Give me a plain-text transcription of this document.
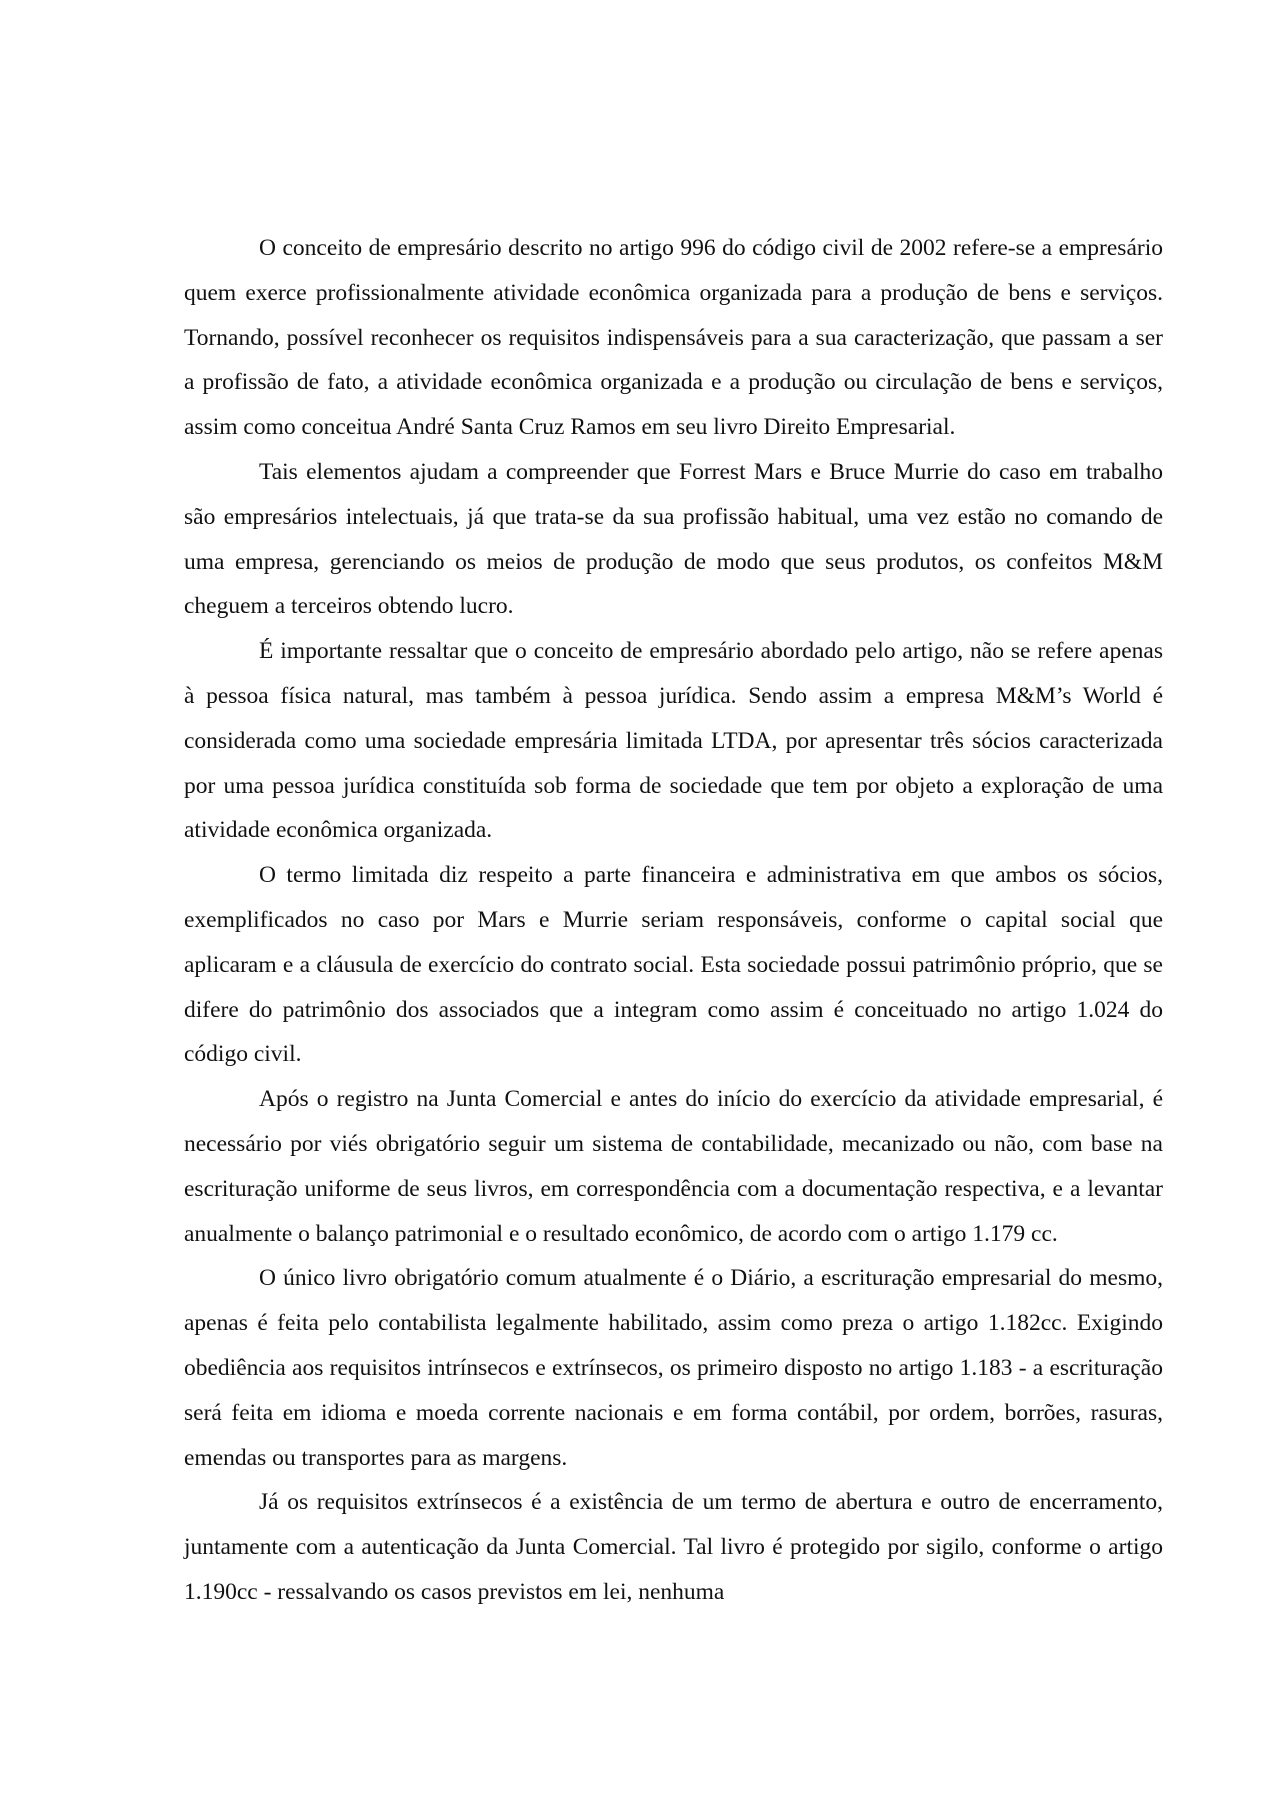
O conceito de empresário descrito no artigo 996 do código civil de 2002 refere-se a empresário quem exerce profissionalmente atividade econômica organizada para a produção de bens e serviços. Tornando, possível reconhecer os requisitos indispensáveis para a sua caracterização, que passam a ser a profissão de fato, a atividade econômica organizada e a produção ou circulação de bens e serviços, assim como conceitua André Santa Cruz Ramos em seu livro Direito Empresarial.

Tais elementos ajudam a compreender que Forrest Mars e Bruce Murrie do caso em trabalho são empresários intelectuais, já que trata-se da sua profissão habitual, uma vez estão no comando de uma empresa, gerenciando os meios de produção de modo que seus produtos, os confeitos M&M cheguem a terceiros obtendo lucro.

É importante ressaltar que o conceito de empresário abordado pelo artigo, não se refere apenas à pessoa física natural, mas também à pessoa jurídica. Sendo assim a empresa M&M’s World é considerada como uma sociedade empresária limitada LTDA, por apresentar três sócios caracterizada por uma pessoa jurídica constituída sob forma de sociedade que tem por objeto a exploração de uma atividade econômica organizada.

O termo limitada diz respeito a parte financeira e administrativa em que ambos os sócios, exemplificados no caso por Mars e Murrie seriam responsáveis, conforme o capital social que aplicaram e a cláusula de exercício do contrato social. Esta sociedade possui patrimônio próprio, que se difere do patrimônio dos associados que a integram como assim é conceituado no artigo 1.024 do código civil.

Após o registro na Junta Comercial e antes do início do exercício da atividade empresarial, é necessário por viés obrigatório seguir um sistema de contabilidade, mecanizado ou não, com base na escrituração uniforme de seus livros, em correspondência com a documentação respectiva, e a levantar anualmente o balanço patrimonial e o resultado econômico, de acordo com o artigo 1.179 cc.

O único livro obrigatório comum atualmente é o Diário, a escrituração empresarial do mesmo, apenas é feita pelo contabilista legalmente habilitado, assim como preza o artigo 1.182cc. Exigindo obediência aos requisitos intrínsecos e extrínsecos, os primeiro disposto no artigo 1.183 - a escrituração será feita em idioma e moeda corrente nacionais e em forma contábil, por ordem, borrões, rasuras, emendas ou transportes para as margens.

Já os requisitos extrínsecos é a existência de um termo de abertura e outro de encerramento, juntamente com a autenticação da Junta Comercial. Tal livro é protegido por sigilo, conforme o artigo 1.190cc - ressalvando os casos previstos em lei, nenhuma
